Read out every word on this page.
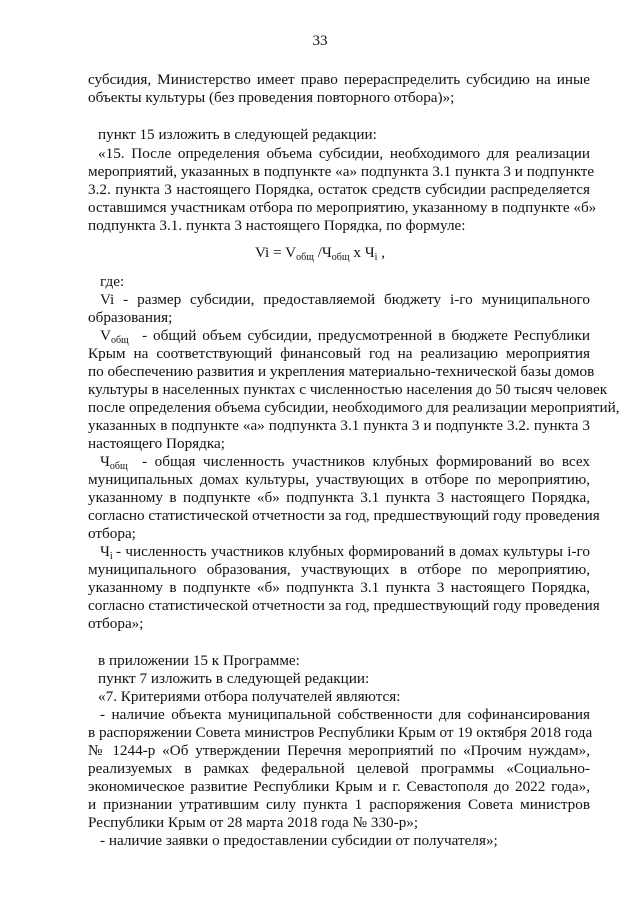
33
субсидия, Министерство имеет право перераспределить субсидию на иные
объекты культуры (без проведения повторного отбора)»;
пункт 15 изложить в следующей редакции:
«15. После определения объема субсидии, необходимого для реализации
мероприятий, указанных в подпункте «а» подпункта 3.1 пункта 3 и подпункте
3.2. пункта 3 настоящего Порядка, остаток средств субсидии распределяется
оставшимся участникам отбора по мероприятию, указанному в подпункте «б»
подпункта 3.1. пункта 3 настоящего Порядка, по формуле:
где:
Vi - размер субсидии, предоставляемой бюджету i-го муниципального
образования;
- общий объем субсидии, предусмотренной в бюджете Республики
Крым на соответствующий финансовый год на реализацию мероприятия
по обеспечению развития и укрепления материально-технической базы домов
культуры в населенных пунктах с численностью населения до 50 тысяч человек
после определения объема субсидии, необходимого для реализации мероприятий,
указанных в подпункте «а» подпункта 3.1 пункта 3 и подпункте 3.2. пункта 3
настоящего Порядка;
- общая численность участников клубных формирований во всех
муниципальных домах культуры, участвующих в отборе по мероприятию,
указанному в подпункте «б» подпункта 3.1 пункта 3 настоящего Порядка,
согласно статистической отчетности за год, предшествующий году проведения
отбора;
- численность участников клубных формирований в домах культуры i-го
муниципального образования, участвующих в отборе по мероприятию,
указанному в подпункте «б» подпункта 3.1 пункта 3 настоящего Порядка,
согласно статистической отчетности за год, предшествующий году проведения
отбора»;
в приложении 15 к Программе:
пункт 7 изложить в следующей редакции:
«7. Критериями отбора получателей являются:
- наличие объекта муниципальной собственности для софинансирования
в распоряжении Совета министров Республики Крым от 19 октября 2018 года
№ 1244-р «Об утверждении Перечня мероприятий по «Прочим нуждам»,
реализуемых в рамках федеральной целевой программы «Социально-
экономическое развитие Республики Крым и г. Севастополя до 2022 года»,
и признании утратившим силу пункта 1 распоряжения Совета министров
Республики Крым от 28 марта 2018 года № 330-р»;
- наличие заявки о предоставлении субсидии от получателя»;
$Vi = V_{общ}$ $/Ч_{общ}$ x $Ч_i$ ,
$V_{общ}$
$Ч_{общ}$
$Ч_i$
